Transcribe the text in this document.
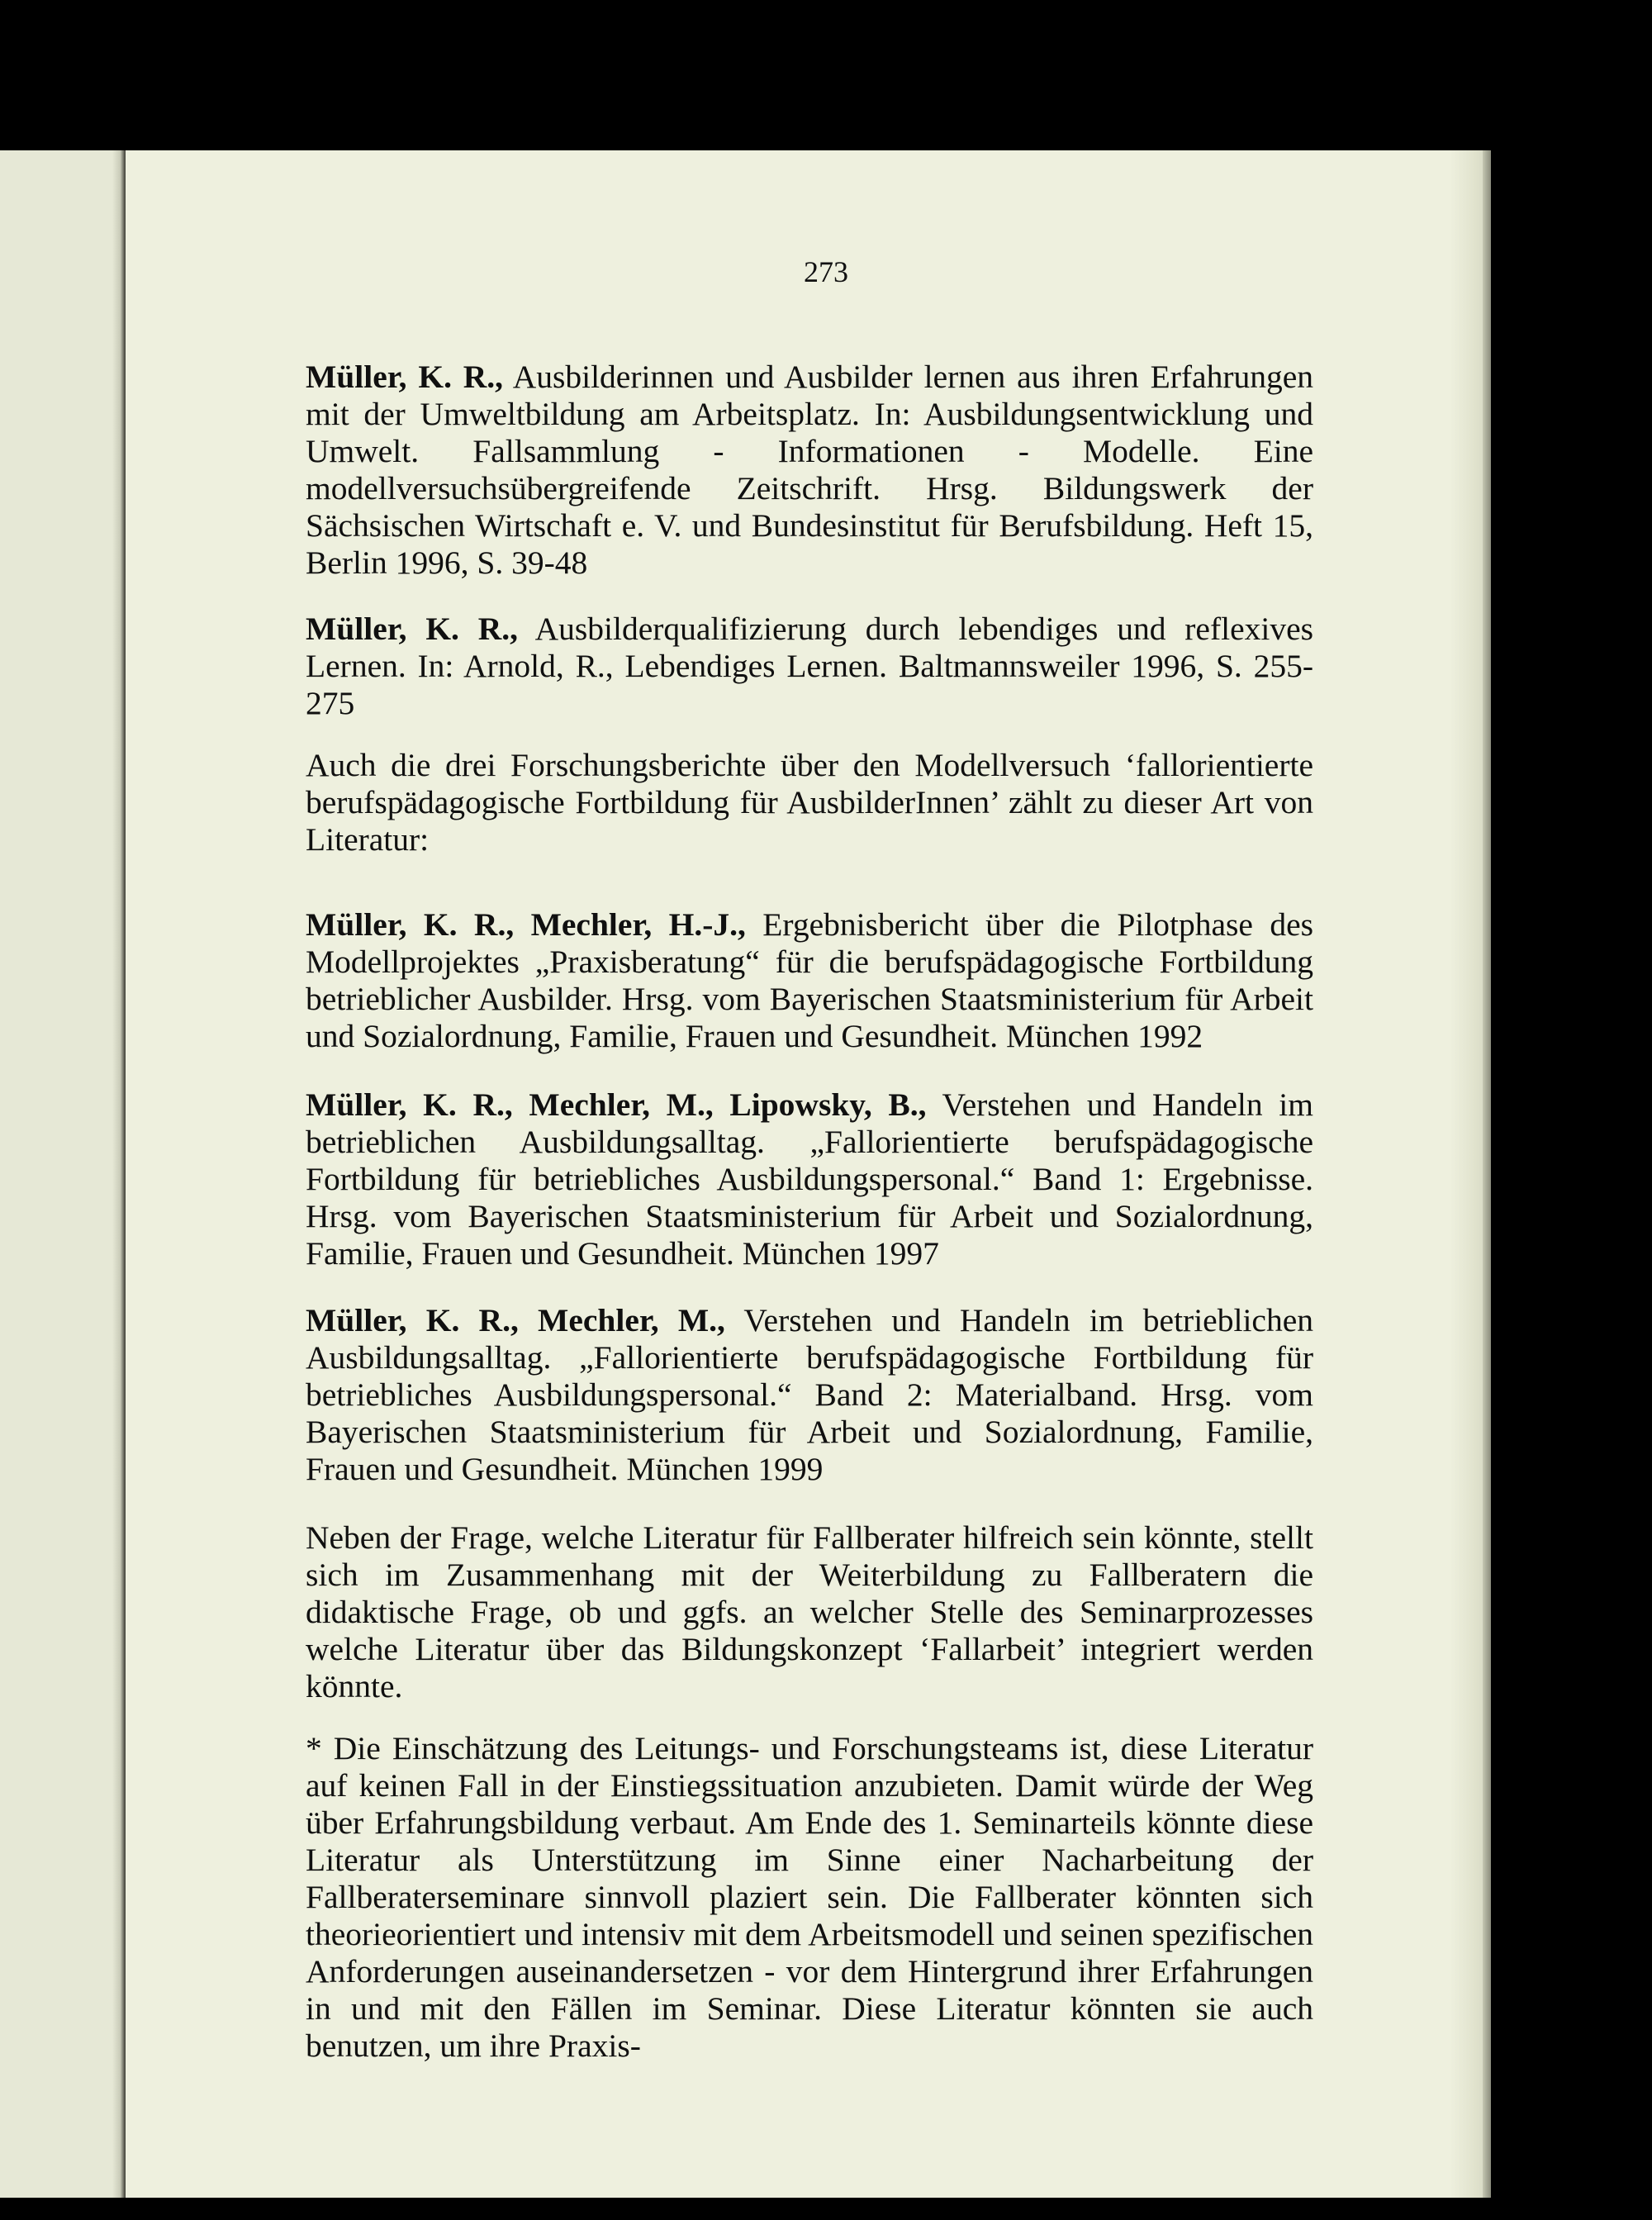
273

Müller, K. R., Ausbilderinnen und Ausbilder lernen aus ihren Erfahrungen mit der Umweltbildung am Arbeitsplatz. In: Ausbildungsentwicklung und Umwelt. Fallsammlung - Informationen - Modelle. Eine modellversuchsübergreifende Zeitschrift. Hrsg. Bildungswerk der Sächsischen Wirtschaft e. V. und Bundesinstitut für Berufsbildung. Heft 15, Berlin 1996, S. 39-48

Müller, K. R., Ausbilderqualifizierung durch lebendiges und reflexives Lernen. In: Arnold, R., Lebendiges Lernen. Baltmannsweiler 1996, S. 255-275

Auch die drei Forschungsberichte über den Modellversuch ‘fallorientierte berufspädagogische Fortbildung für AusbilderInnen’ zählt zu dieser Art von Literatur:

Müller, K. R., Mechler, H.-J., Ergebnisbericht über die Pilotphase des Modellprojektes „Praxisberatung“ für die berufspädagogische Fortbildung betrieblicher Ausbilder. Hrsg. vom Bayerischen Staatsministerium für Arbeit und Sozialordnung, Familie, Frauen und Gesundheit. München 1992

Müller, K. R., Mechler, M., Lipowsky, B., Verstehen und Handeln im betrieblichen Ausbildungsalltag. „Fallorientierte berufspädagogische Fortbildung für betriebliches Ausbildungspersonal.“ Band 1: Ergebnisse. Hrsg. vom Bayerischen Staatsministerium für Arbeit und Sozialordnung, Familie, Frauen und Gesundheit. München 1997

Müller, K. R., Mechler, M., Verstehen und Handeln im betrieblichen Ausbildungsalltag. „Fallorientierte berufspädagogische Fortbildung für betriebliches Ausbildungspersonal.“ Band 2: Materialband. Hrsg. vom Bayerischen Staatsministerium für Arbeit und Sozialordnung, Familie, Frauen und Gesundheit. München 1999

Neben der Frage, welche Literatur für Fallberater hilfreich sein könnte, stellt sich im Zusammenhang mit der Weiterbildung zu Fallberatern die didaktische Frage, ob und ggfs. an welcher Stelle des Seminarprozesses welche Literatur über das Bildungskonzept ‘Fallarbeit’ integriert werden könnte.

* Die Einschätzung des Leitungs- und Forschungsteams ist, diese Literatur auf keinen Fall in der Einstiegssituation anzubieten. Damit würde der Weg über Erfahrungsbildung verbaut. Am Ende des 1. Seminarteils könnte diese Literatur als Unterstützung im Sinne einer Nacharbeitung der Fallberaterseminare sinnvoll plaziert sein. Die Fallberater könnten sich theorieorientiert und intensiv mit dem Arbeitsmodell und seinen spezifischen Anforderungen auseinandersetzen - vor dem Hintergrund ihrer Erfahrungen in und mit den Fällen im Seminar. Diese Literatur könnten sie auch benutzen, um ihre Praxis-
